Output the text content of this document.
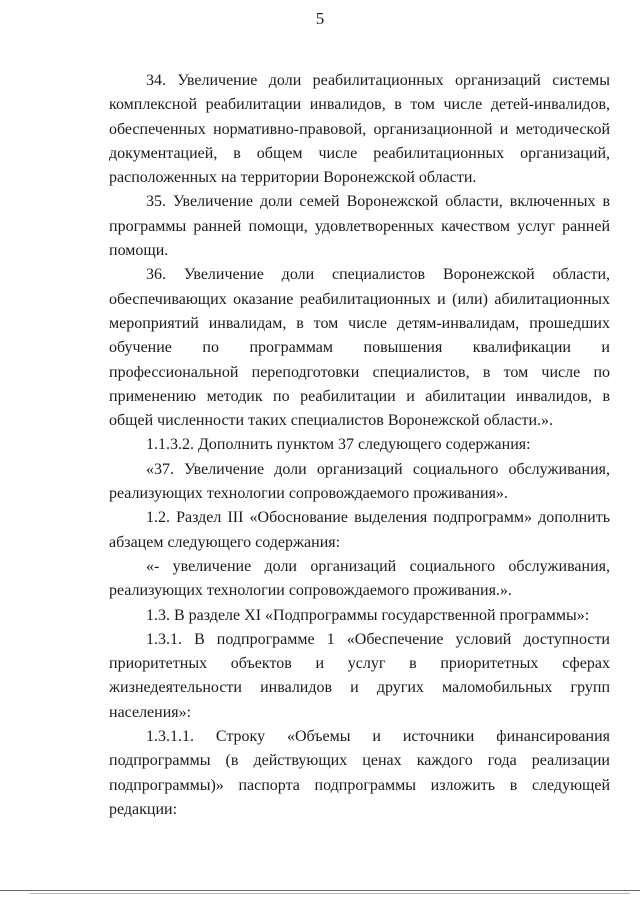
5

34. Увеличение доли реабилитационных организаций системы комплексной реабилитации инвалидов, в том числе детей-инвалидов, обеспеченных нормативно-правовой, организационной и методической документацией, в общем числе реабилитационных организаций, расположенных на территории Воронежской области.

35. Увеличение доли семей Воронежской области, включенных в программы ранней помощи, удовлетворенных качеством услуг ранней помощи.

36. Увеличение доли специалистов Воронежской области, обеспечивающих оказание реабилитационных и (или) абилитационных мероприятий инвалидам, в том числе детям-инвалидам, прошедших обучение по программам повышения квалификации и профессиональной переподготовки специалистов, в том числе по применению методик по реабилитации и абилитации инвалидов, в общей численности таких специалистов Воронежской области.».

1.1.3.2. Дополнить пунктом 37 следующего содержания:

«37. Увеличение доли организаций социального обслуживания, реализующих технологии сопровождаемого проживания».

1.2. Раздел III «Обоснование выделения подпрограмм» дополнить абзацем следующего содержания:

«- увеличение доли организаций социального обслуживания, реализующих технологии сопровождаемого проживания.».

1.3. В разделе XI «Подпрограммы государственной программы»:

1.3.1. В подпрограмме 1 «Обеспечение условий доступности приоритетных объектов и услуг в приоритетных сферах жизнедеятельности инвалидов и других маломобильных групп населения»:

1.3.1.1. Строку «Объемы и источники финансирования подпрограммы (в действующих ценах каждого года реализации подпрограммы)» паспорта подпрограммы изложить в следующей редакции:
